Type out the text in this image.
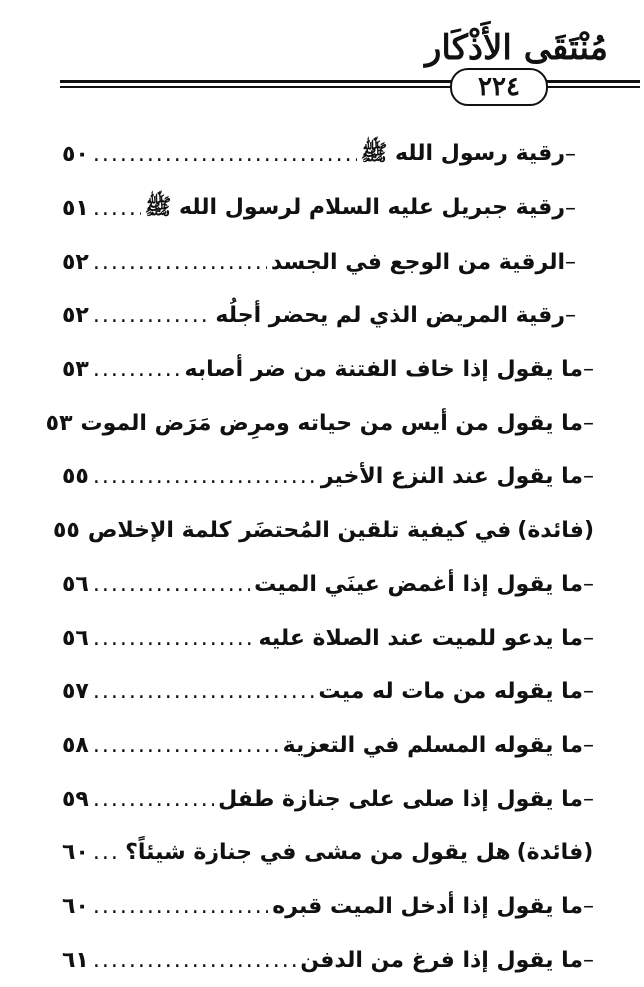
مُنْتَقَى الأَذْكَار
٢٢٤
–
رقية رسول الله ﷺ
.....
٥٠
–
رقية جبريل عليه السلام لرسول الله ﷺ
.....
٥١
–
الرقية من الوجع في الجسد
.....
٥٢
–
رقية المريض الذي لم يحضر أجلُه
.....
٥٢
–
ما يقول إذا خاف الفتنة من ضر أصابه
.....
٥٣
–
ما يقول من أيس من حياته ومرِض مَرَض الموت
٥٣
–
ما يقول عند النزع الأخير
.....
٥٥
(فائدة)في كيفية تلقين المُحتضَر كلمة الإخلاص
٥٥
–
ما يقول إذا أغمض عينَي الميت
.....
٥٦
–
ما يدعو للميت عند الصلاة عليه
.....
٥٦
–
ما يقوله من مات له ميت
.....
٥٧
–
ما يقوله المسلم في التعزية
.....
٥٨
–
ما يقول إذا صلى على جنازة طفل
.....
٥٩
(فائدة)هل يقول من مشى في جنازة شيئاً؟
.....
٦٠
–
ما يقول إذا أدخل الميت قبره
.....
٦٠
–
ما يقول إذا فرغ من الدفن
.....
٦١
